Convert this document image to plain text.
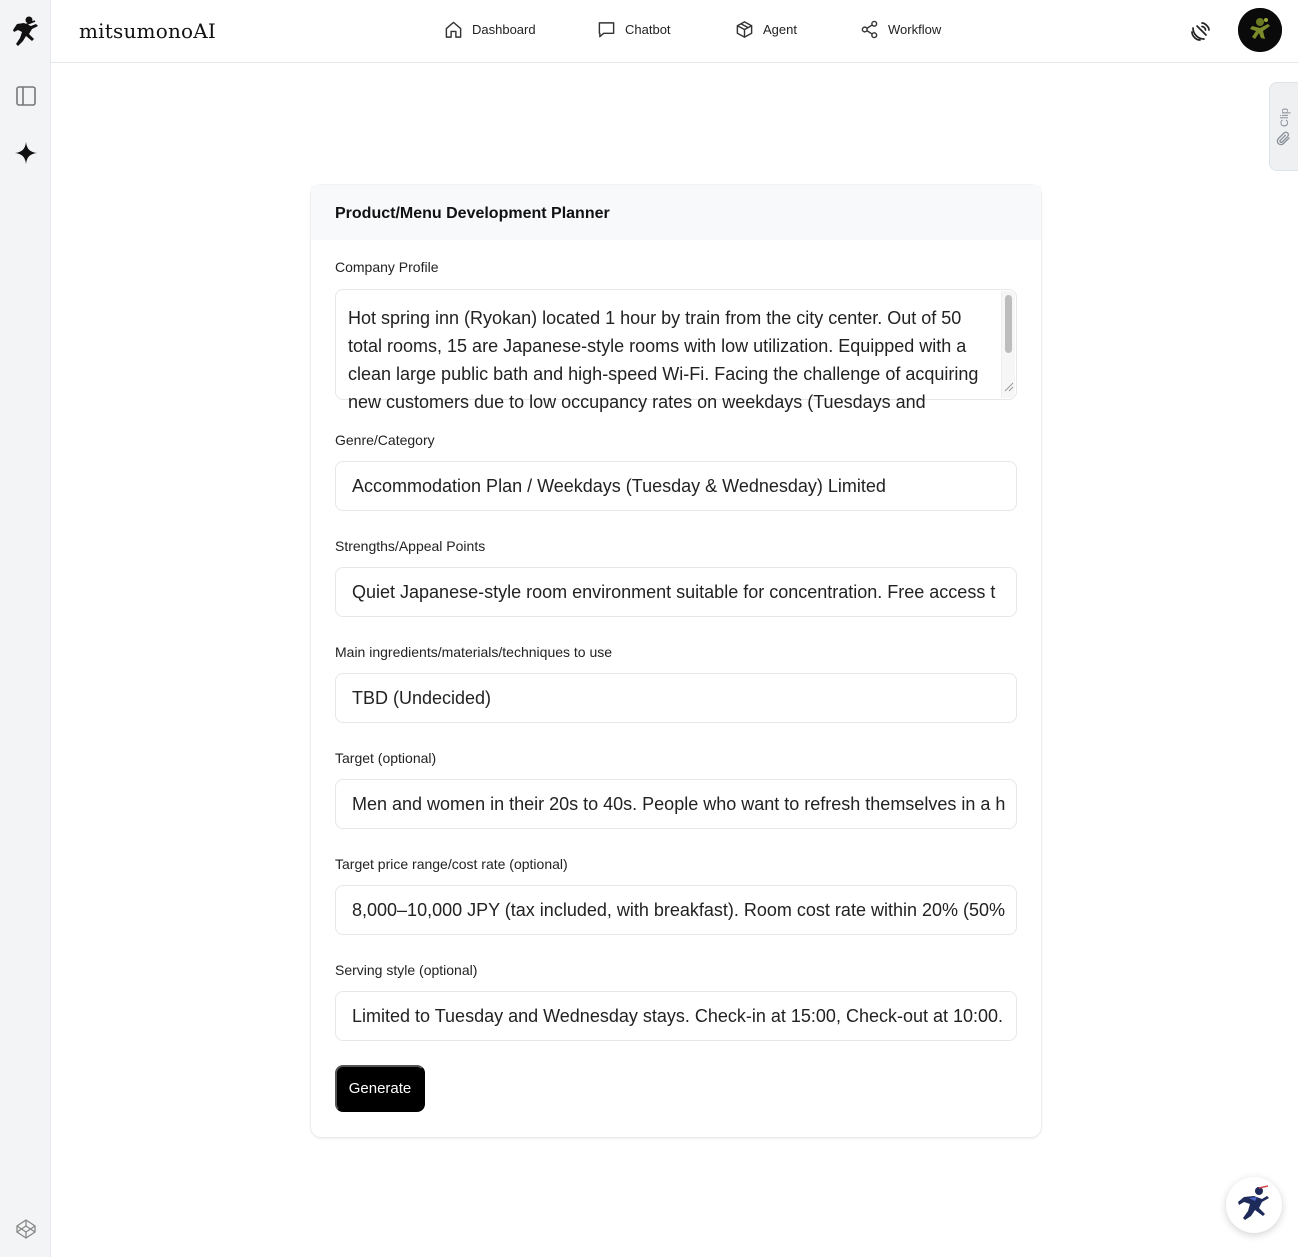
mitsumonoAI	Dashboard	Chatbot	Agent	Workflow
Clip
Product/Menu Development Planner
Company Profile
Hot spring inn (Ryokan) located 1 hour by train from the city center. Out of 50 total rooms, 15 are Japanese-style rooms with low utilization. Equipped with a clean large public bath and high-speed Wi-Fi. Facing the challenge of acquiring new customers due to low occupancy rates on weekdays (Tuesdays and
Genre/Category
Accommodation Plan / Weekdays (Tuesday & Wednesday) Limited
Strengths/Appeal Points
Quiet Japanese-style room environment suitable for concentration. Free access t
Main ingredients/materials/techniques to use
TBD (Undecided)
Target (optional)
Men and women in their 20s to 40s. People who want to refresh themselves in a h
Target price range/cost rate (optional)
8,000–10,000 JPY (tax included, with breakfast). Room cost rate within 20% (50%
Serving style (optional)
Limited to Tuesday and Wednesday stays. Check-in at 15:00, Check-out at 10:00.
Generate
